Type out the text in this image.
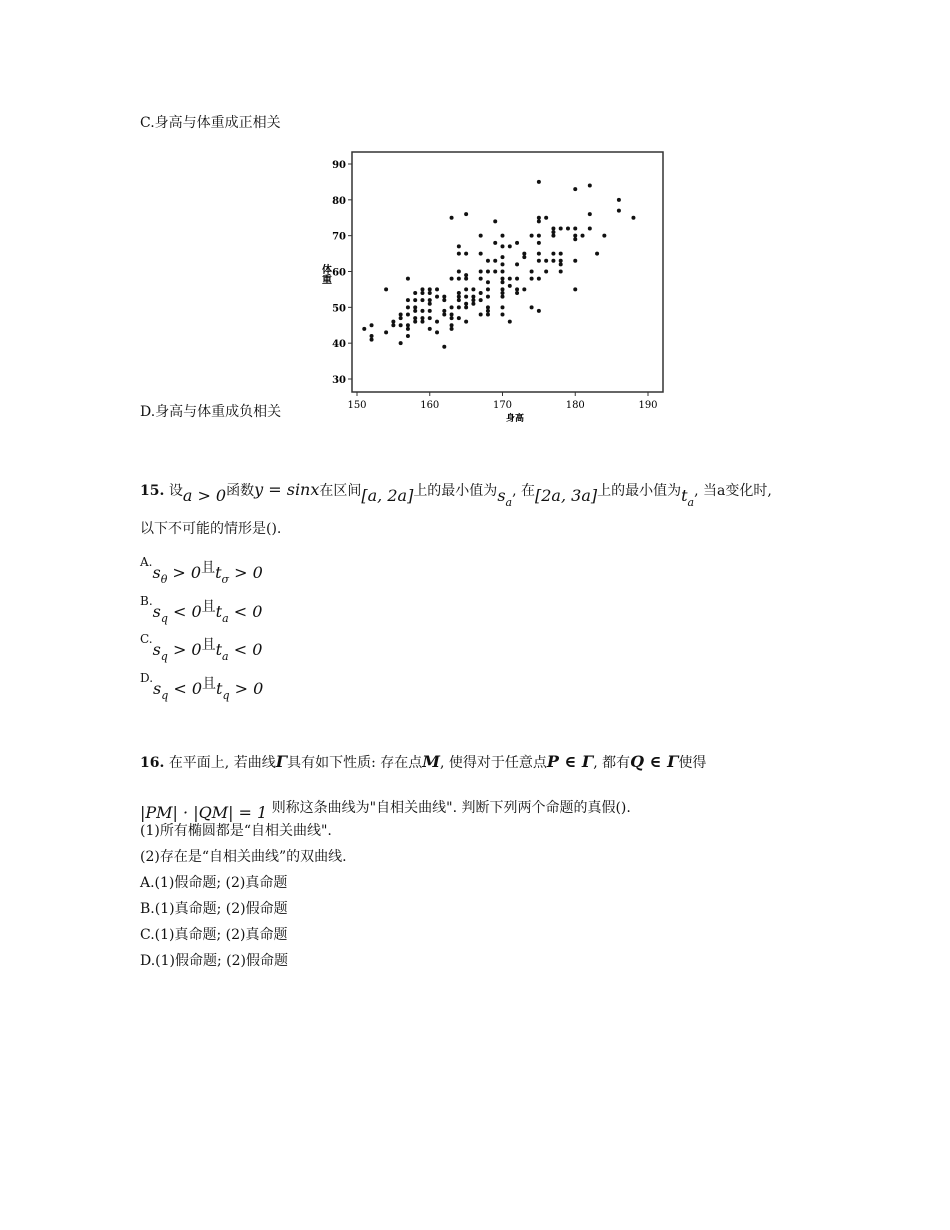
C.身高与体重成正相关
D.身高与体重成负相关	150	160	170	180	190
30
40
50
60
70
80
90
体重
身高
15. 设a > 0函数y = sinx在区间[a, 2a]上的最小值为$s_a$, 在[2a, 3a]上的最小值为$t_a$, 当a变化时,
以下不可能的情形是().
$A.s_\theta > 0$且$t_\sigma > 0$
$B.s_q < 0$且$t_a < 0$
$C.s_q > 0$且$t_a < 0$
$D.s_q < 0$且$t_q > 0$
16. 在平面上, 若曲线Γ具有如下性质: 存在点M, 使得对于任意点P ∈ Γ, 都有Q ∈ Γ使得
|PM| · |QM| = 1 则称这条曲线为"自相关曲线". 判断下列两个命题的真假().
(1)所有椭圆都是“自相关曲线".
(2)存在是“自相关曲线”的双曲线.
A.(1)假命题; (2)真命题
B.(1)真命题; (2)假命题
C.(1)真命题; (2)真命题
D.(1)假命题; (2)假命题
